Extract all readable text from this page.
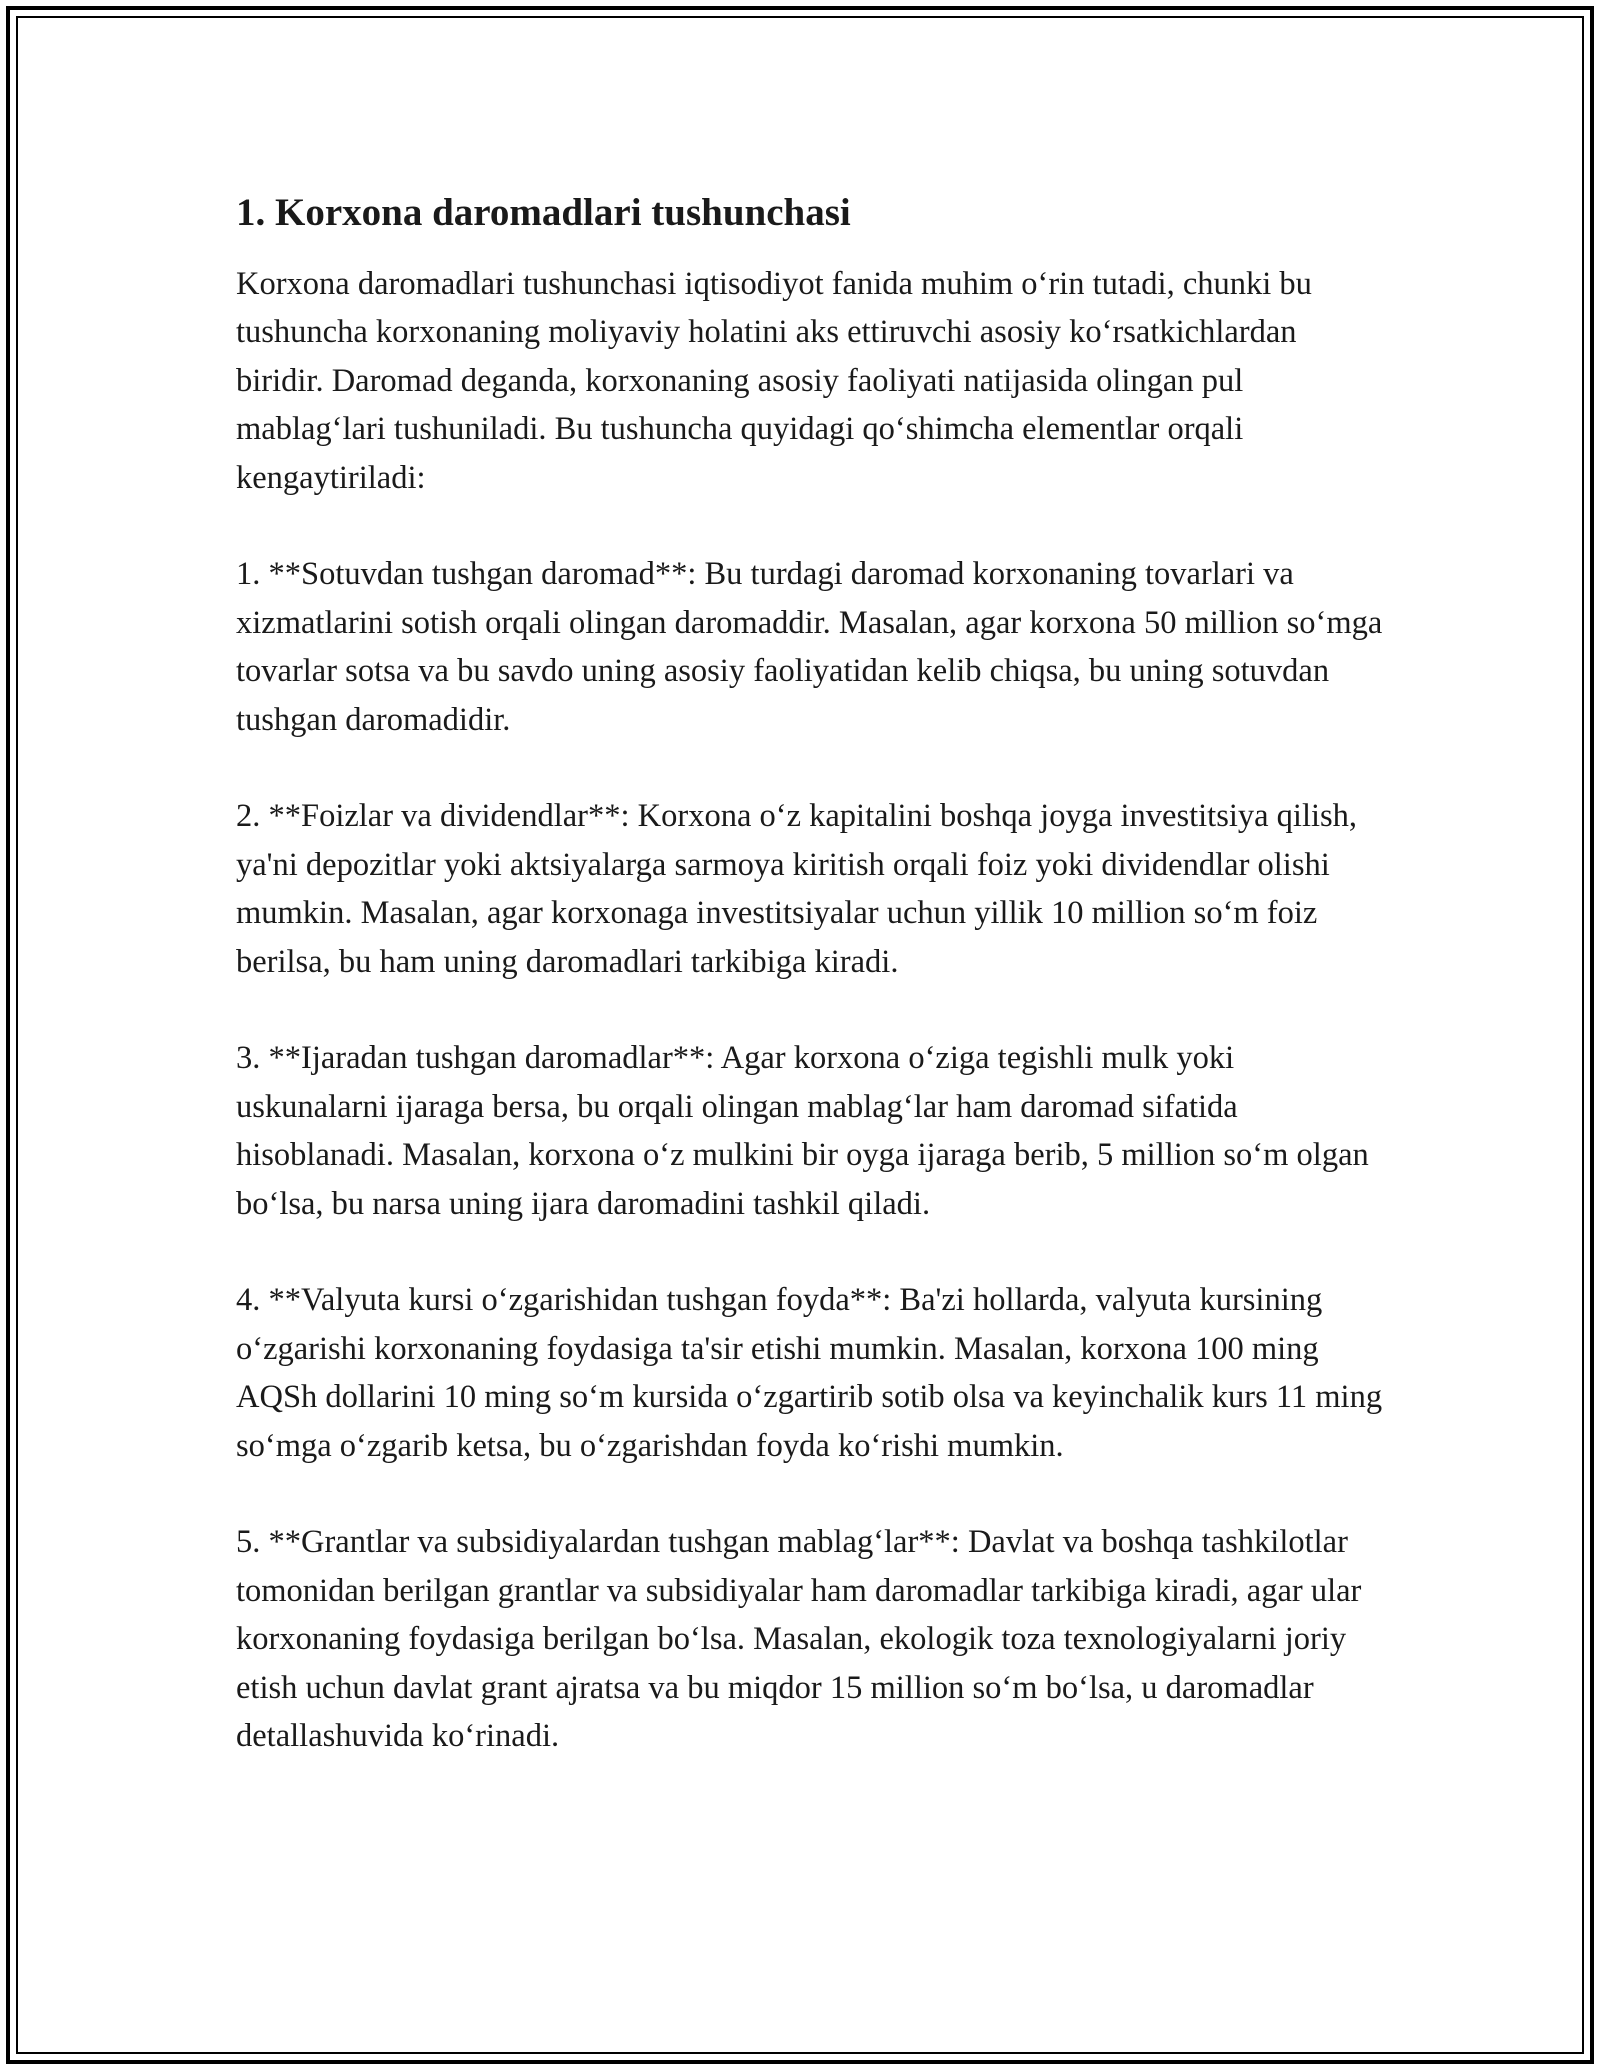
1. Korxona daromadlari tushunchasi

Korxona daromadlari tushunchasi iqtisodiyot fanida muhim o‘rin tutadi, chunki bu tushuncha korxonaning moliyaviy holatini aks ettiruvchi asosiy ko‘rsatkichlardan biridir. Daromad deganda, korxonaning asosiy faoliyati natijasida olingan pul mablag‘lari tushuniladi. Bu tushuncha quyidagi qo‘shimcha elementlar orqali kengaytiriladi:

1. **Sotuvdan tushgan daromad**: Bu turdagi daromad korxonaning tovarlari va xizmatlarini sotish orqali olingan daromaddir. Masalan, agar korxona 50 million so‘mga tovarlar sotsa va bu savdo uning asosiy faoliyatidan kelib chiqsa, bu uning sotuvdan tushgan daromadidir.

2. **Foizlar va dividendlar**: Korxona o‘z kapitalini boshqa joyga investitsiya qilish, ya'ni depozitlar yoki aktsiyalarga sarmoya kiritish orqali foiz yoki dividendlar olishi mumkin. Masalan, agar korxonaga investitsiyalar uchun yillik 10 million so‘m foiz berilsa, bu ham uning daromadlari tarkibiga kiradi.

3. **Ijaradan tushgan daromadlar**: Agar korxona o‘ziga tegishli mulk yoki uskunalarni ijaraga bersa, bu orqali olingan mablag‘lar ham daromad sifatida hisoblanadi. Masalan, korxona o‘z mulkini bir oyga ijaraga berib, 5 million so‘m olgan bo‘lsa, bu narsa uning ijara daromadini tashkil qiladi.

4. **Valyuta kursi o‘zgarishidan tushgan foyda**: Ba'zi hollarda, valyuta kursining o‘zgarishi korxonaning foydasiga ta'sir etishi mumkin. Masalan, korxona 100 ming AQSh dollarini 10 ming so‘m kursida o‘zgartirib sotib olsa va keyinchalik kurs 11 ming so‘mga o‘zgarib ketsa, bu o‘zgarishdan foyda ko‘rishi mumkin.

5. **Grantlar va subsidiyalardan tushgan mablag‘lar**: Davlat va boshqa tashkilotlar tomonidan berilgan grantlar va subsidiyalar ham daromadlar tarkibiga kiradi, agar ular korxonaning foydasiga berilgan bo‘lsa. Masalan, ekologik toza texnologiyalarni joriy etish uchun davlat grant ajratsa va bu miqdor 15 million so‘m bo‘lsa, u daromadlar detallashuvida ko‘rinadi.
